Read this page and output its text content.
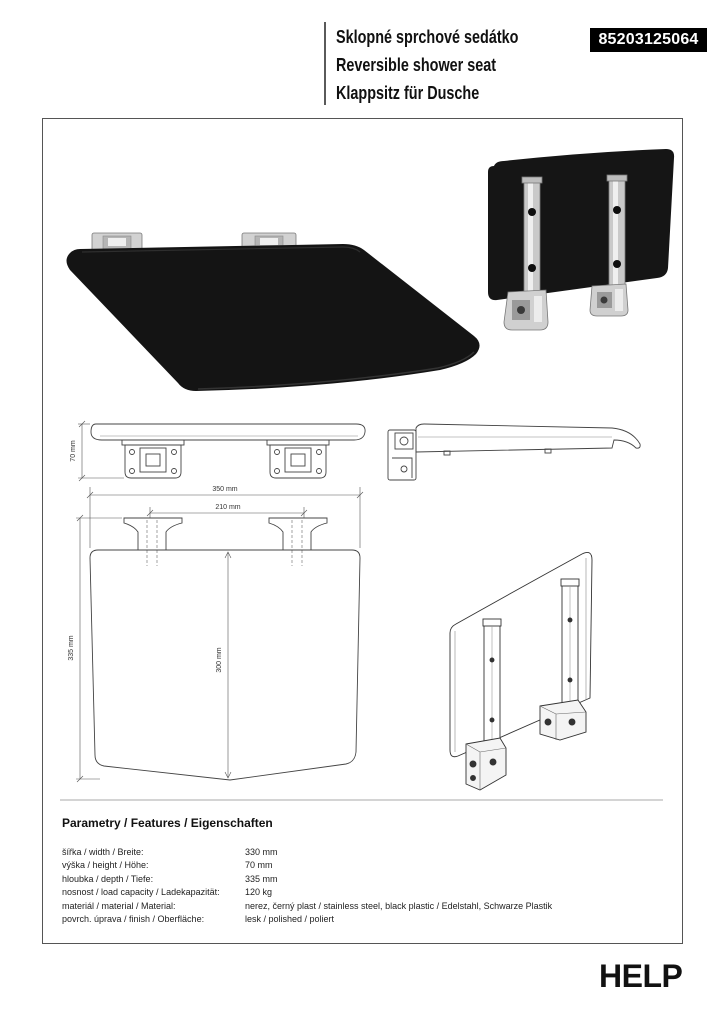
70 mm
350 mm
210 mm
335 mm	300 mm
Sklopné sprchové sedátko
Reversible shower seat
Klappsitz für Dusche
85203125064
Parametry / Features / Eigenschaften
šířka / width / Breite:	330 mm
výška / height / Höhe:	70 mm
hloubka / depth / Tiefe:	335 mm
nosnost / load capacity / Ladekapazität:	120 kg
materiál / material / Material:	nerez, černý plast / stainless steel, black plastic / Edelstahl, Schwarze Plastik
povrch. úprava / finish / Oberfläche:	lesk / polished / poliert
HELP
